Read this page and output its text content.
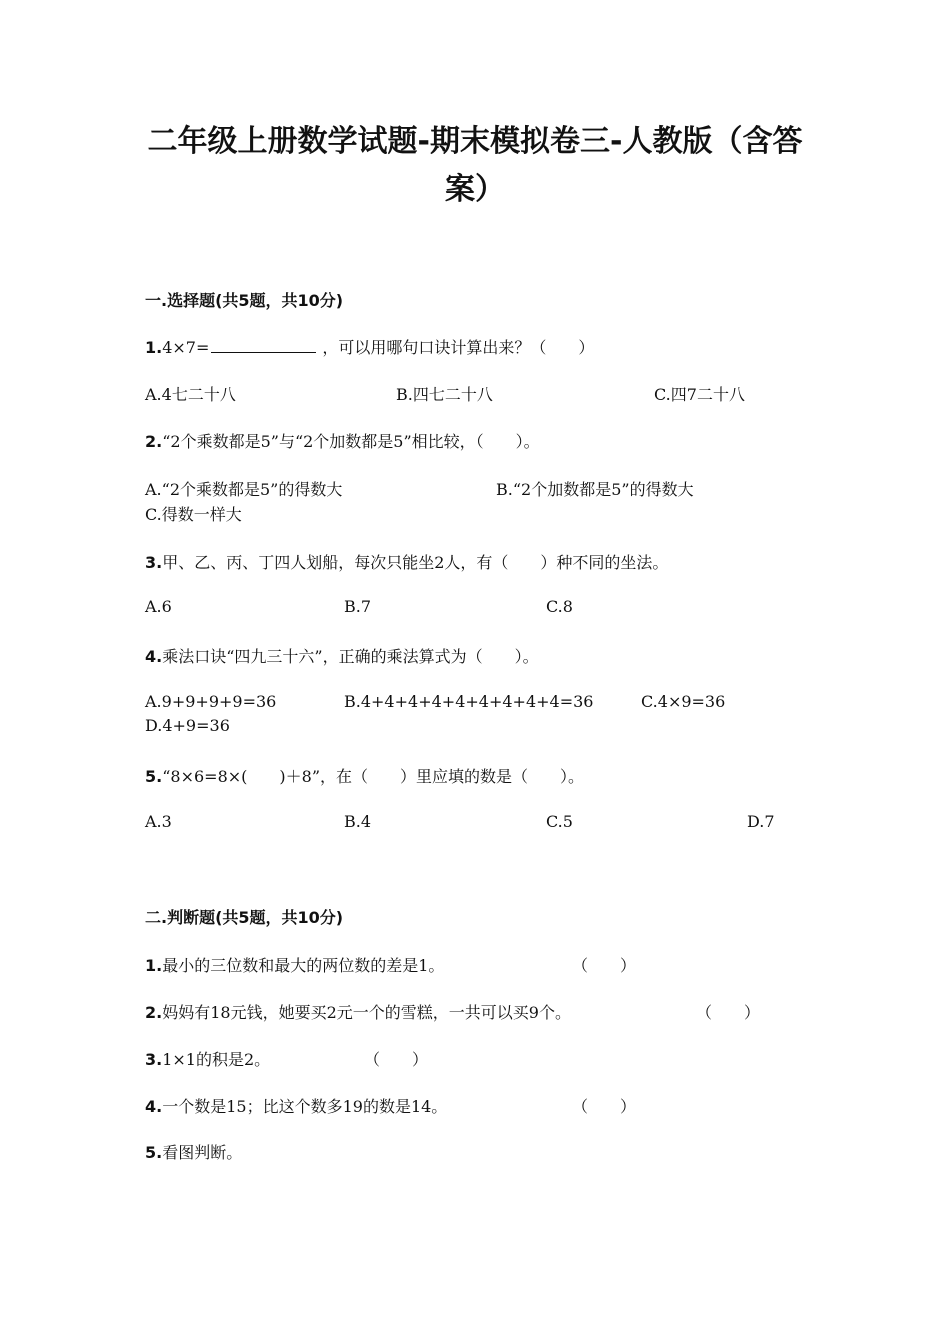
二年级上册数学试题-期末模拟卷三-人教版（含答案）
一.选择题(共5题，共10分)
1.4×7=	，可以用哪句口诀计算出来？（　　）
A.4七二十八	B.四七二十八	C.四7二十八
2.“2个乘数都是5”与“2个加数都是5”相比较，（　　）。
A.“2个乘数都是5”的得数大	B.“2个加数都是5”的得数大
C.得数一样大
3.甲、乙、丙、丁四人划船，每次只能坐2人，有（　　）种不同的坐法。
A.6	B.7	C.8
4.乘法口诀“四九三十六”，正确的乘法算式为（　　）。
A.9+9+9+9=36	B.4+4+4+4+4+4+4+4+4=36	C.4×9=36
D.4+9=36
5.“8×6=8×(　　)＋8”，在（　　）里应填的数是（　　）。
A.3	B.4	C.5	D.7
二.判断题(共5题，共10分)
1.最小的三位数和最大的两位数的差是1。	（　　）
2.妈妈有18元钱，她要买2元一个的雪糕，一共可以买9个。	（　　）
3.1×1的积是2。	（　　）
4.一个数是15；比这个数多19的数是14。	（　　）
5.看图判断。
